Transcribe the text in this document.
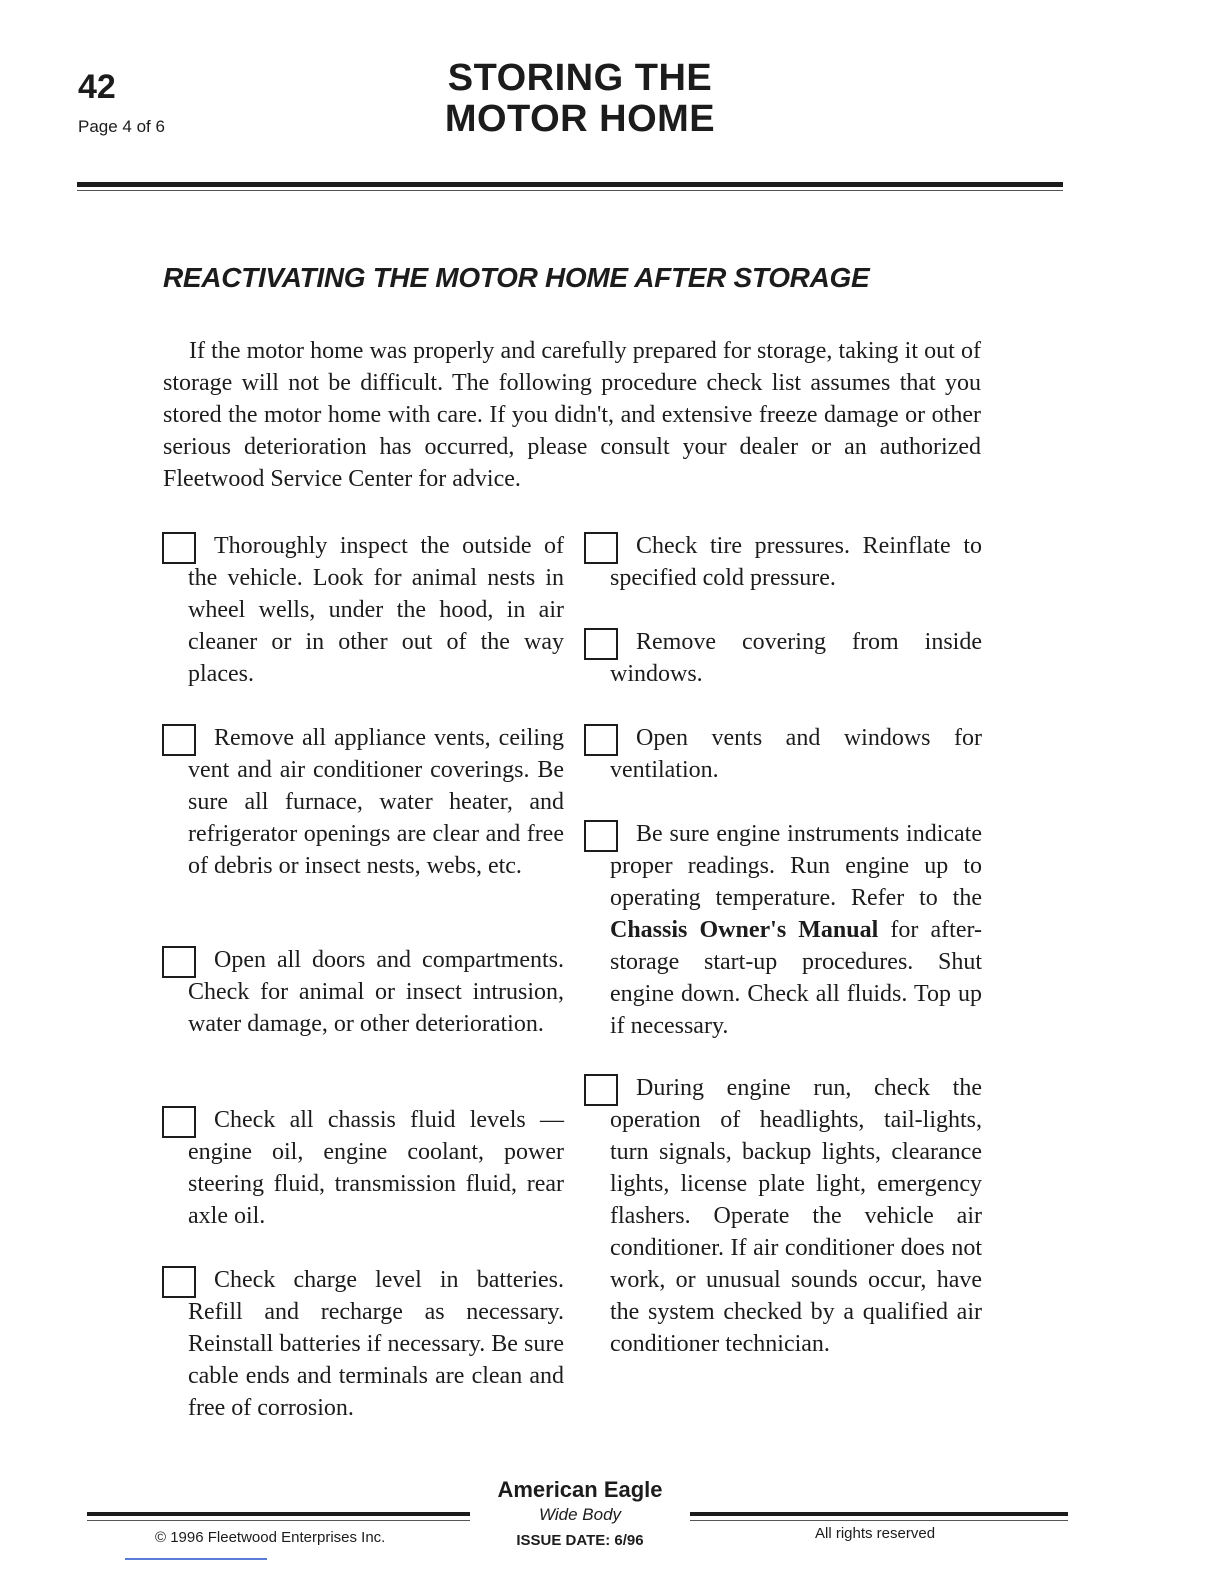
42
Page 4 of 6
STORING THE
MOTOR HOME
REACTIVATING THE MOTOR HOME AFTER STORAGE

If the motor home was properly and carefully prepared for storage, taking it out of storage will not be difficult. The following procedure check list assumes that you stored the motor home with care. If you didn't, and extensive freeze damage or other serious deterioration has occurred, please consult your dealer or an authorized Fleetwood Service Center for advice.

Thoroughly inspect the outside of the vehicle. Look for animal nests in wheel wells, under the hood, in air cleaner or in other out of the way places.

Remove all appliance vents, ceiling vent and air conditioner coverings. Be sure all furnace, water heater, and refrigerator openings are clear and free of debris or insect nests, webs, etc.

Open all doors and compartments. Check for animal or insect intrusion, water damage, or other deterioration.

Check all chassis fluid levels — engine oil, engine coolant, power steering fluid, transmission fluid, rear axle oil.

Check charge level in batteries. Refill and recharge as necessary. Reinstall batteries if necessary. Be sure cable ends and terminals are clean and free of corrosion.

Check tire pressures. Reinflate to specified cold pressure.

Remove covering from inside windows.

Open vents and windows for ventilation.

Be sure engine instruments indicate proper readings. Run engine up to operating temperature. Refer to the Chassis Owner's Manual for after-storage start-up procedures. Shut engine down. Check all fluids. Top up if necessary.

During engine run, check the operation of headlights, tail-lights, turn signals, backup lights, clearance lights, license plate light, emergency flashers. Operate the vehicle air conditioner. If air conditioner does not work, or unusual sounds occur, have the system checked by a qualified air conditioner technician.

American Eagle
Wide Body
ISSUE DATE: 6/96
© 1996 Fleetwood Enterprises Inc.	All rights reserved
